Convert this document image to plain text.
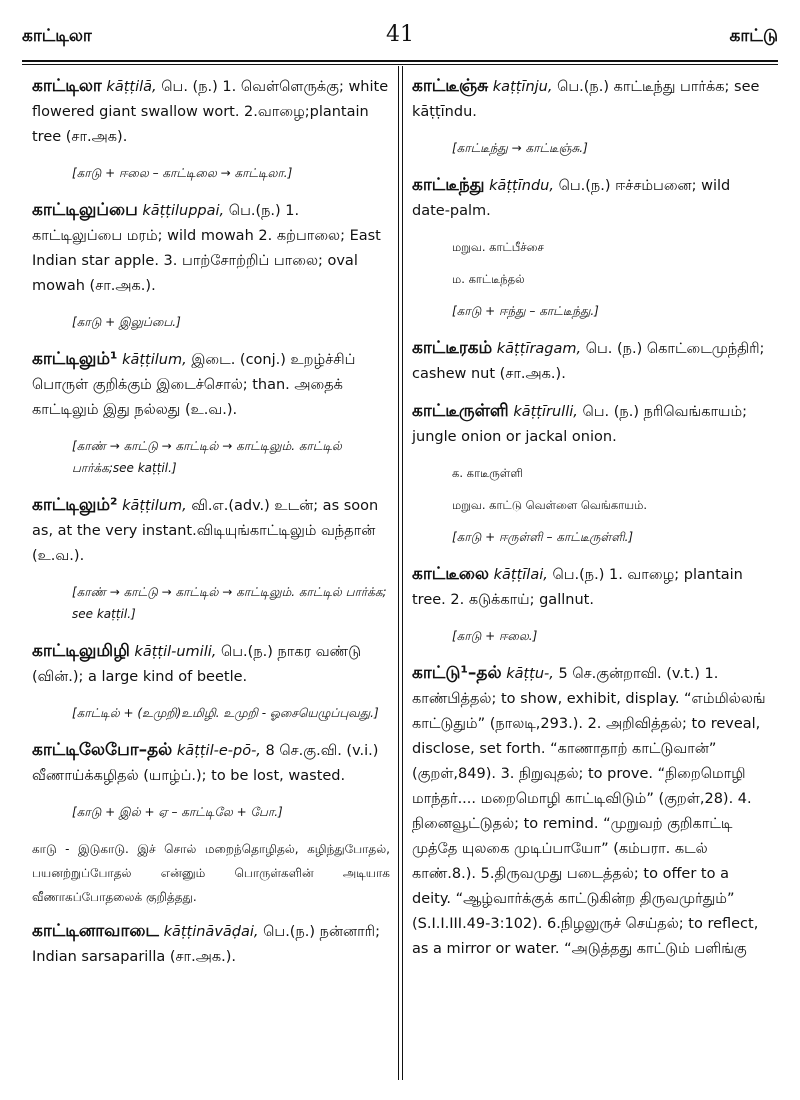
காட்டிலா	41	காட்டு
காட்டிலா kāṭṭilā, பெ. (ந.) 1. வெள்ளெருக்கு; white flowered giant swallow wort. 2.வாழை;plantain tree (சா.அக).
[காடு + ஈலை – காட்டிலை → காட்டிலா.]
காட்டிலுப்பை kāṭṭiluppai, பெ.(ந.) 1. காட்டிலுப்பை மரம்; wild mowah 2. கற்பாலை; East Indian star apple. 3. பாற்சோற்றிப் பாலை; oval mowah (சா.அக.).
[காடு + இலுப்பை.]
காட்டிலும்¹ kāṭṭilum, இடை. (conj.) உறழ்ச்சிப் பொருள் குறிக்கும் இடைச்சொல்; than. அதைக் காட்டிலும் இது நல்லது (உ.வ.).
[காண் → காட்டு → காட்டில் → காட்டிலும். காட்டில் பார்க்க;see kaṭṭil.]
காட்டிலும்² kāṭṭilum, வி.எ.(adv.) உடன்; as soon as, at the very instant.விடியுங்காட்டிலும் வந்தான் (உ.வ.).
[காண் → காட்டு → காட்டில் → காட்டிலும். காட்டில் பார்க்க; see kaṭṭil.]
காட்டிலுமிழி kāṭṭil-umili, பெ.(ந.) நாகர வண்டு (வின்.); a large kind of beetle.
[காட்டில் + (உமுறி)உமிழி. உமுறி - ஓசையெழுப்புவது.]
காட்டிலேபோ–தல் kāṭṭil-e-pō-, 8 செ.கு.வி. (v.i.) வீணாய்க்கழிதல் (யாழ்ப்.); to be lost, wasted.
[காடு + இல் + ஏ – காட்டிலே + போ.]
காடு - இடுகாடு. இச் சொல் மறைந்தொழிதல், கழிந்துபோதல், பயனற்றுப்போதல் என்னும் பொருள்களின் அடியாக வீணாகப்போதலைக் குறித்தது.
காட்டினாவாடை kāṭṭināvāḍai, பெ.(ந.) நன்னாரி; Indian sarsaparilla (சா.அக.).
காட்டீஞ்சு kaṭṭīnju, பெ.(ந.) காட்டீந்து பார்க்க; see kāṭṭīndu.
[காட்டீந்து → காட்டீஞ்சு.]
காட்டீந்து kāṭṭīndu, பெ.(ந.) ஈச்சம்பனை; wild date-palm.
மறுவ. காட்பீச்சை
ம. காட்டீந்தல்
[காடு + ஈந்து – காட்டீந்து.]
காட்டீரகம் kāṭṭīragam, பெ. (ந.) கொட்டைமுந்திரி; cashew nut (சா.அக.).
காட்டீருள்ளி kāṭṭīrulli, பெ. (ந.) நரிவெங்காயம்; jungle onion or jackal onion.
க. காடீருள்ளி
மறுவ. காட்டு வெள்ளை வெங்காயம்.
[காடு + ஈருள்ளி – காட்டீருள்ளி.]
காட்டீலை kāṭṭīlai, பெ.(ந.) 1. வாழை; plantain tree. 2. கடுக்காய்; gallnut.
[காடு + ஈலை.]
காட்டு¹–தல் kāṭṭu-, 5 செ.குன்றாவி. (v.t.) 1. காண்பித்தல்; to show, exhibit, display. “எம்மில்லங் காட்டுதும்” (நாலடி,293.). 2. அறிவித்தல்; to reveal, disclose, set forth. “காணாதாற் காட்டுவான்” (குறள்,849). 3. நிறுவுதல்; to prove. “நிறைமொழி மாந்தர்.... மறைமொழி காட்டிவிடும்” (குறள்,28). 4. நினைவூட்டுதல்; to remind. “முறுவற் குறிகாட்டி முத்தே யுலகை முடிப்பாயோ” (கம்பரா. கடல் காண்.8.). 5.திருவமுது படைத்தல்; to offer to a deity. “ஆழ்வார்க்குக் காட்டுகின்ற திருவமுர்தும்” (S.I.I.III.49-3:102). 6.நிழலுருச் செய்தல்; to reflect, as a mirror or water. “அடுத்தது காட்டும் பளிங்கு
